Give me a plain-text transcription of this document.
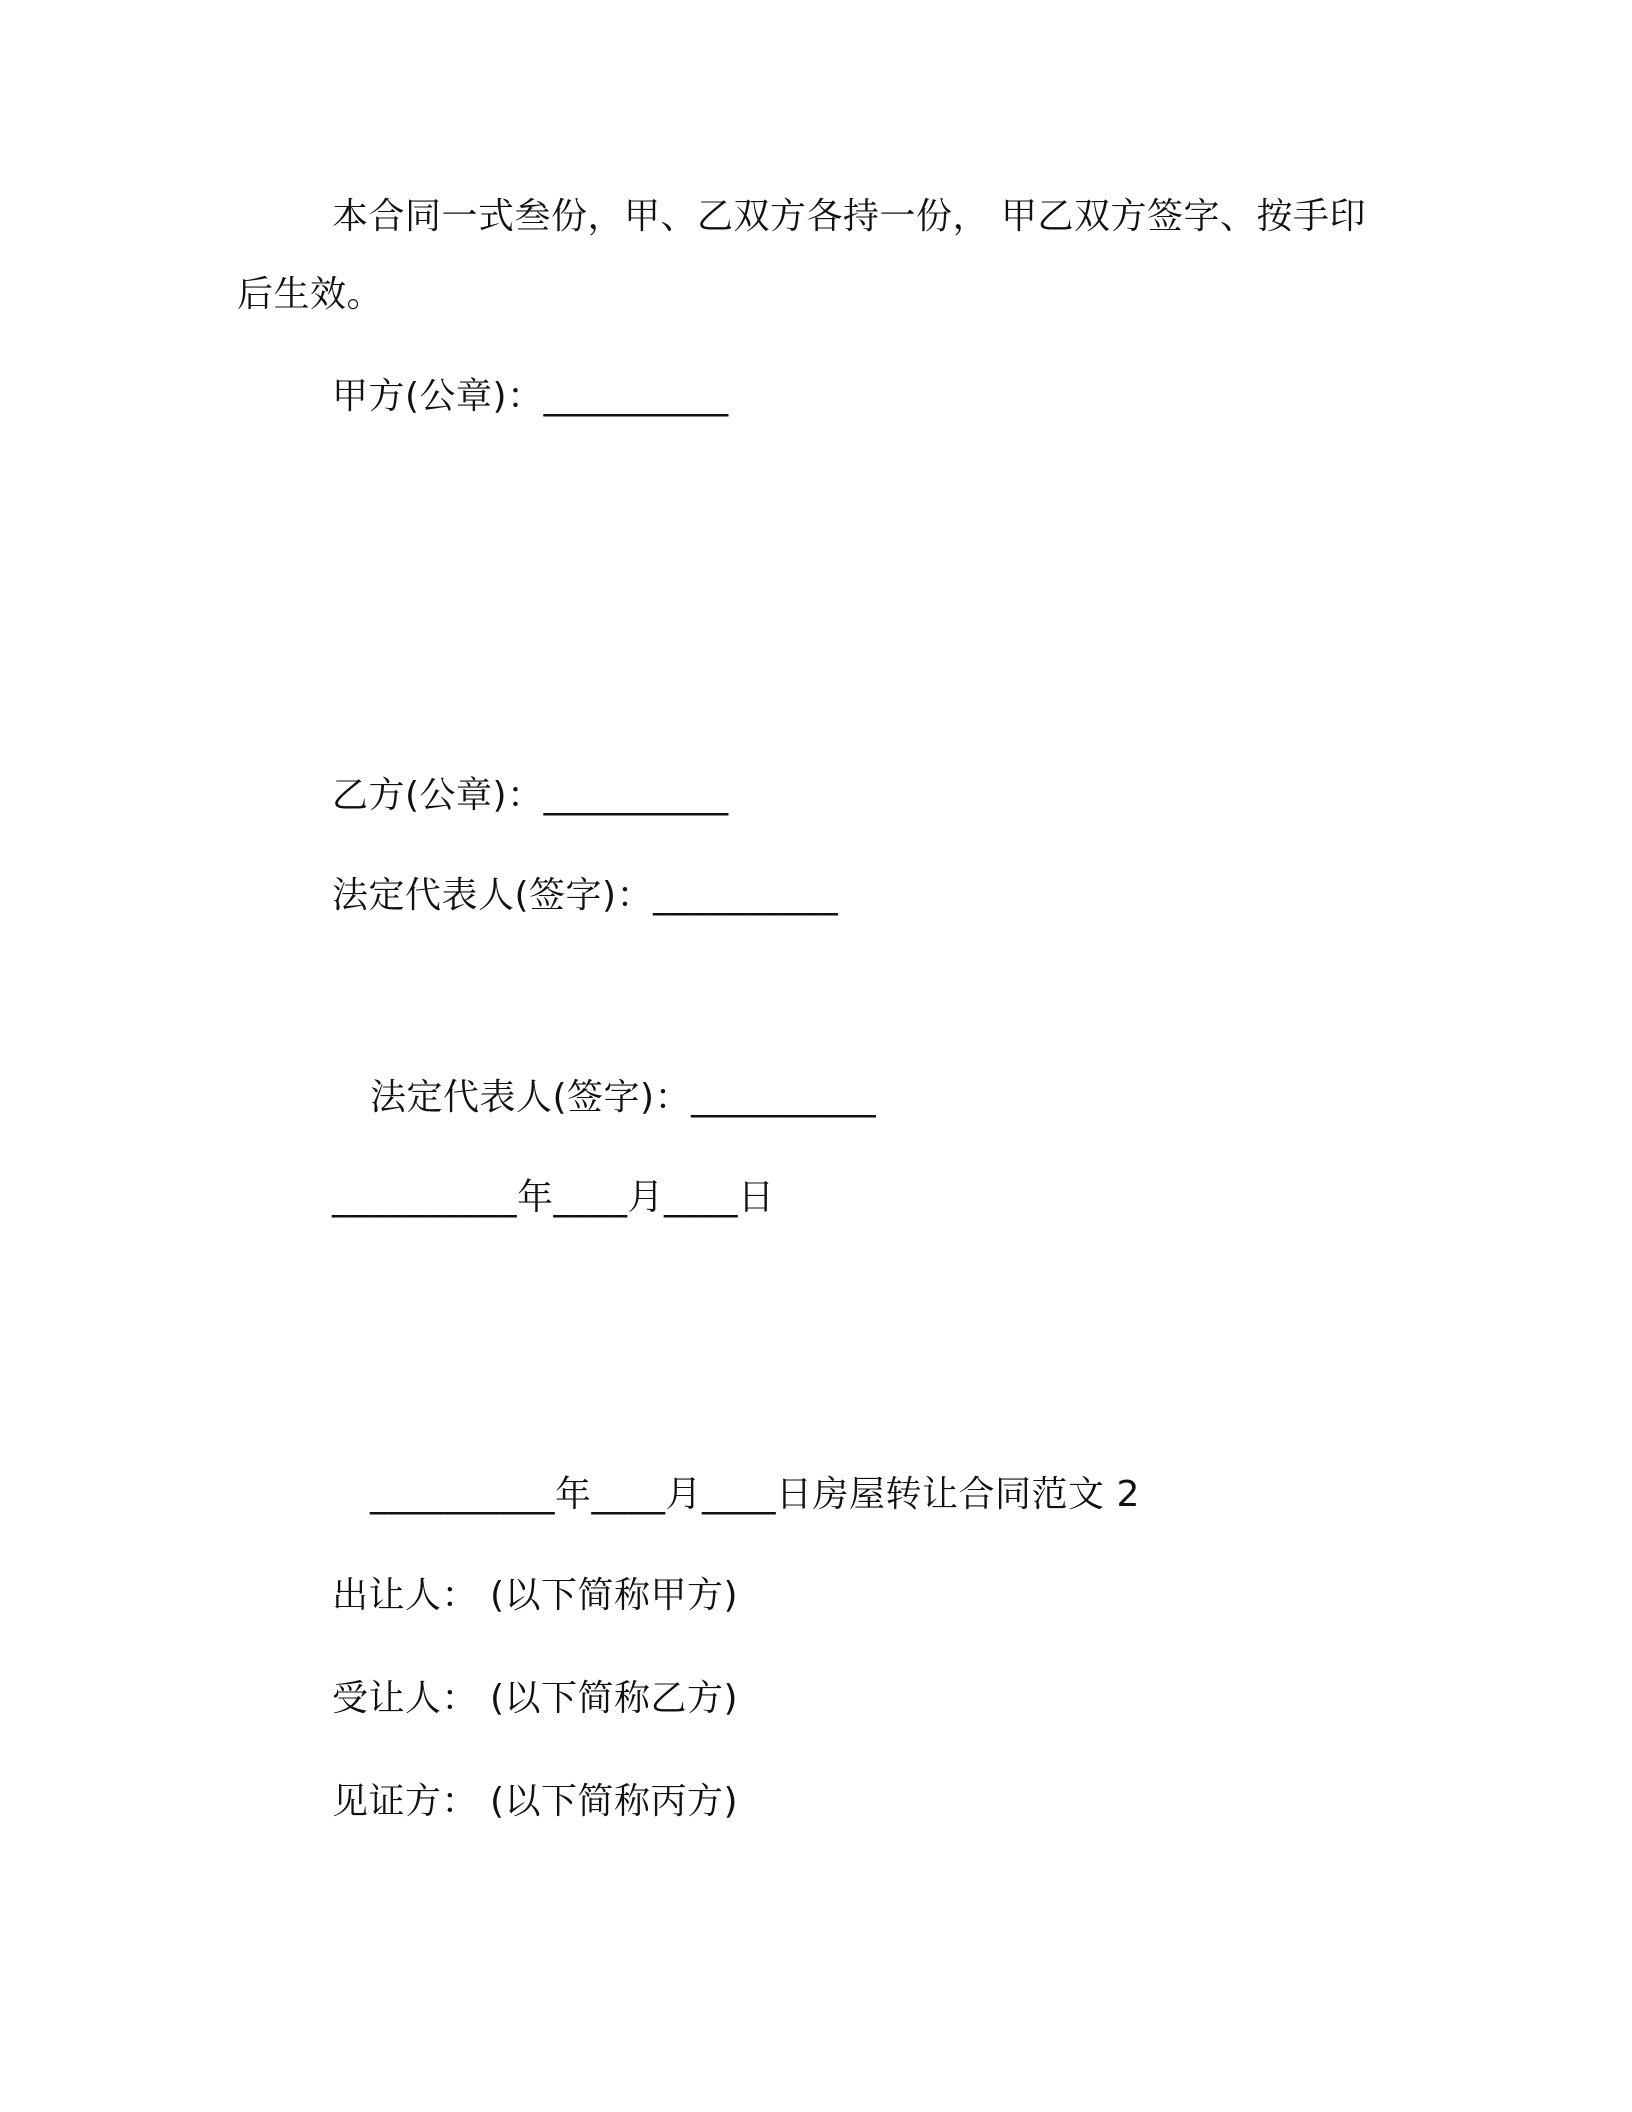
本合同一式叁份，甲、乙双方各持一份， 甲乙双方签字、按手印
后生效。
甲方(公章)：__________
乙方(公章)：__________
法定代表人(签字)：__________
法定代表人(签字)：__________
__________年____月____日
__________年____月____日房屋转让合同范文 2
出让人： (以下简称甲方)
受让人： (以下简称乙方)
见证方： (以下简称丙方)
